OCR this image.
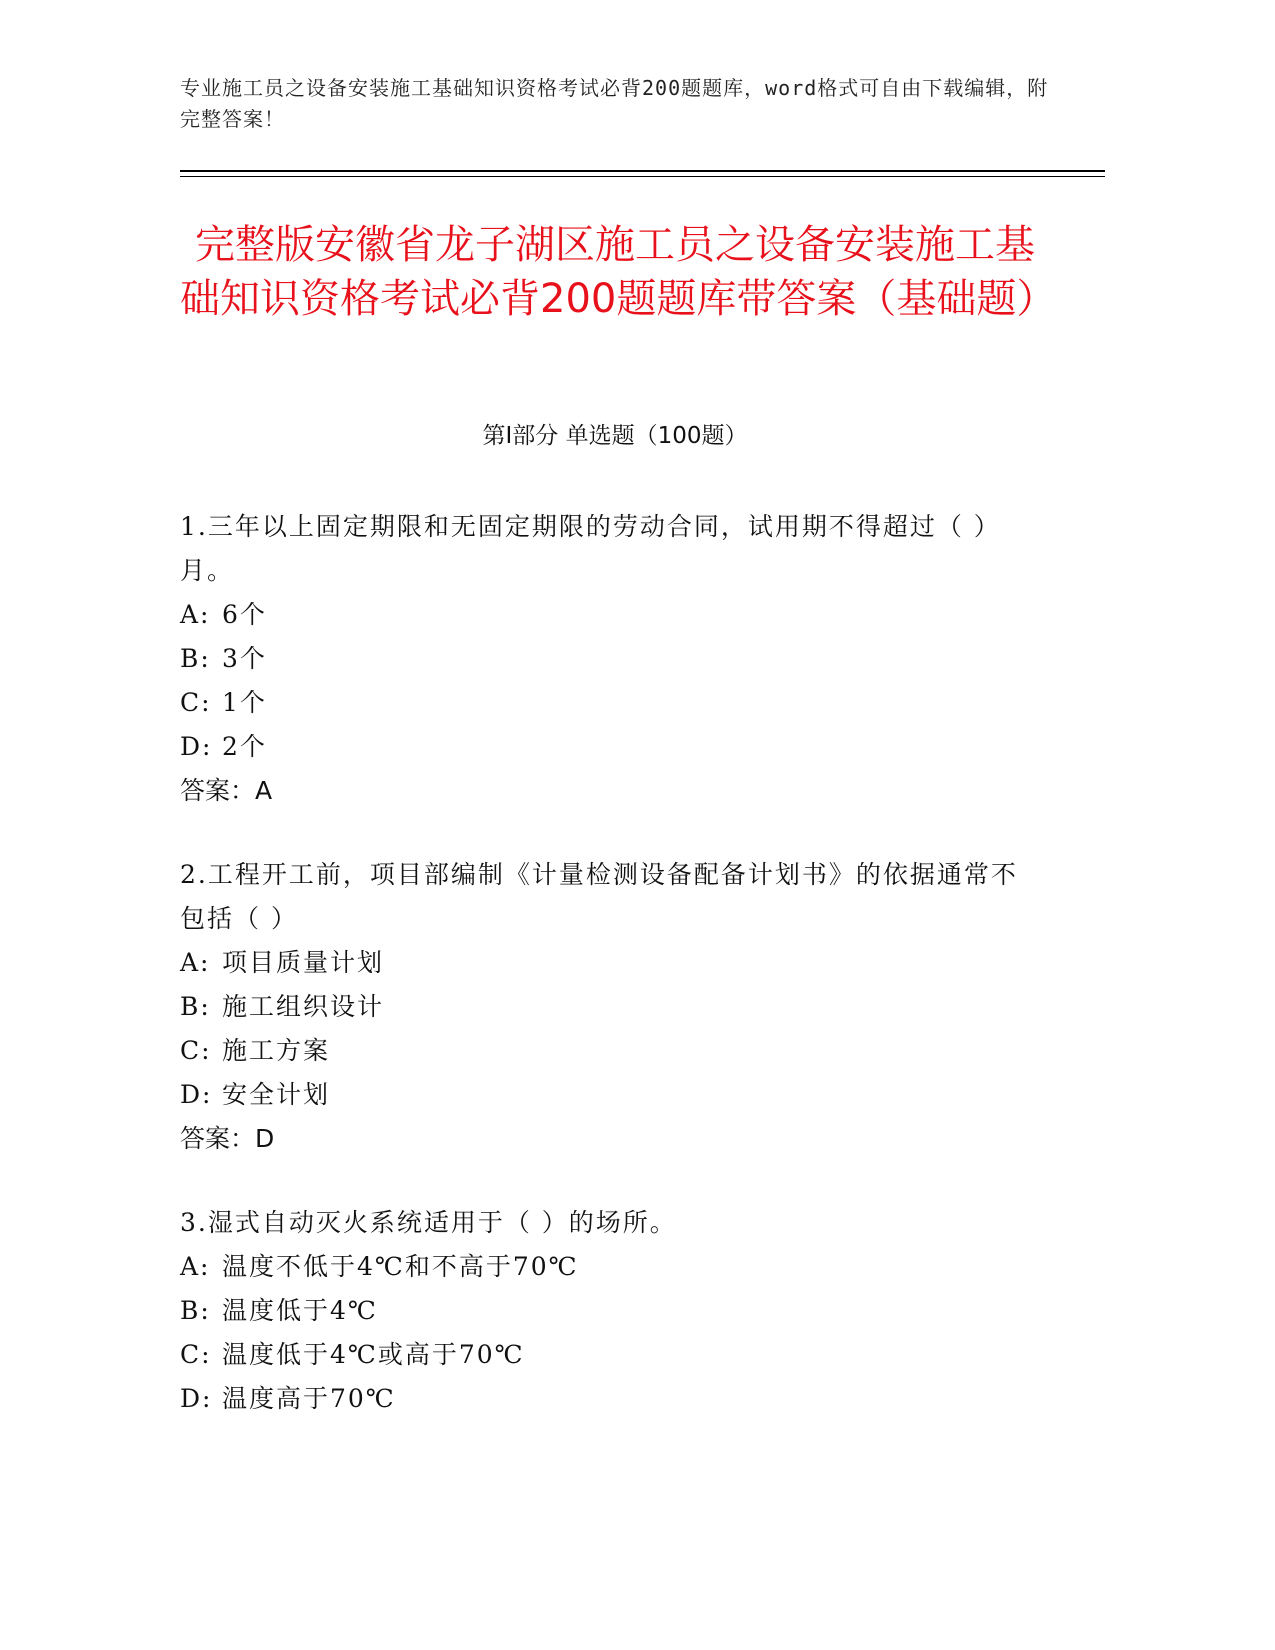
专业施工员之设备安装施工基础知识资格考试必背200题题库，word格式可自由下载编辑，附完整答案！
完整版安徽省龙子湖区施工员之设备安装施工基础知识资格考试必背200题题库带答案（基础题）
第Ⅰ部分 单选题（100题）

1.三年以上固定期限和无固定期限的劳动合同，试用期不得超过（ ）月。

A: 6个

B: 3个

C: 1个

D: 2个

答案：A

2.工程开工前，项目部编制《计量检测设备配备计划书》的依据通常不包括（ ）

A: 项目质量计划

B: 施工组织设计

C: 施工方案

D: 安全计划

答案：D

3.湿式自动灭火系统适用于（ ）的场所。

A: 温度不低于4℃和不高于70℃

B: 温度低于4℃

C: 温度低于4℃或高于70℃

D: 温度高于70℃
